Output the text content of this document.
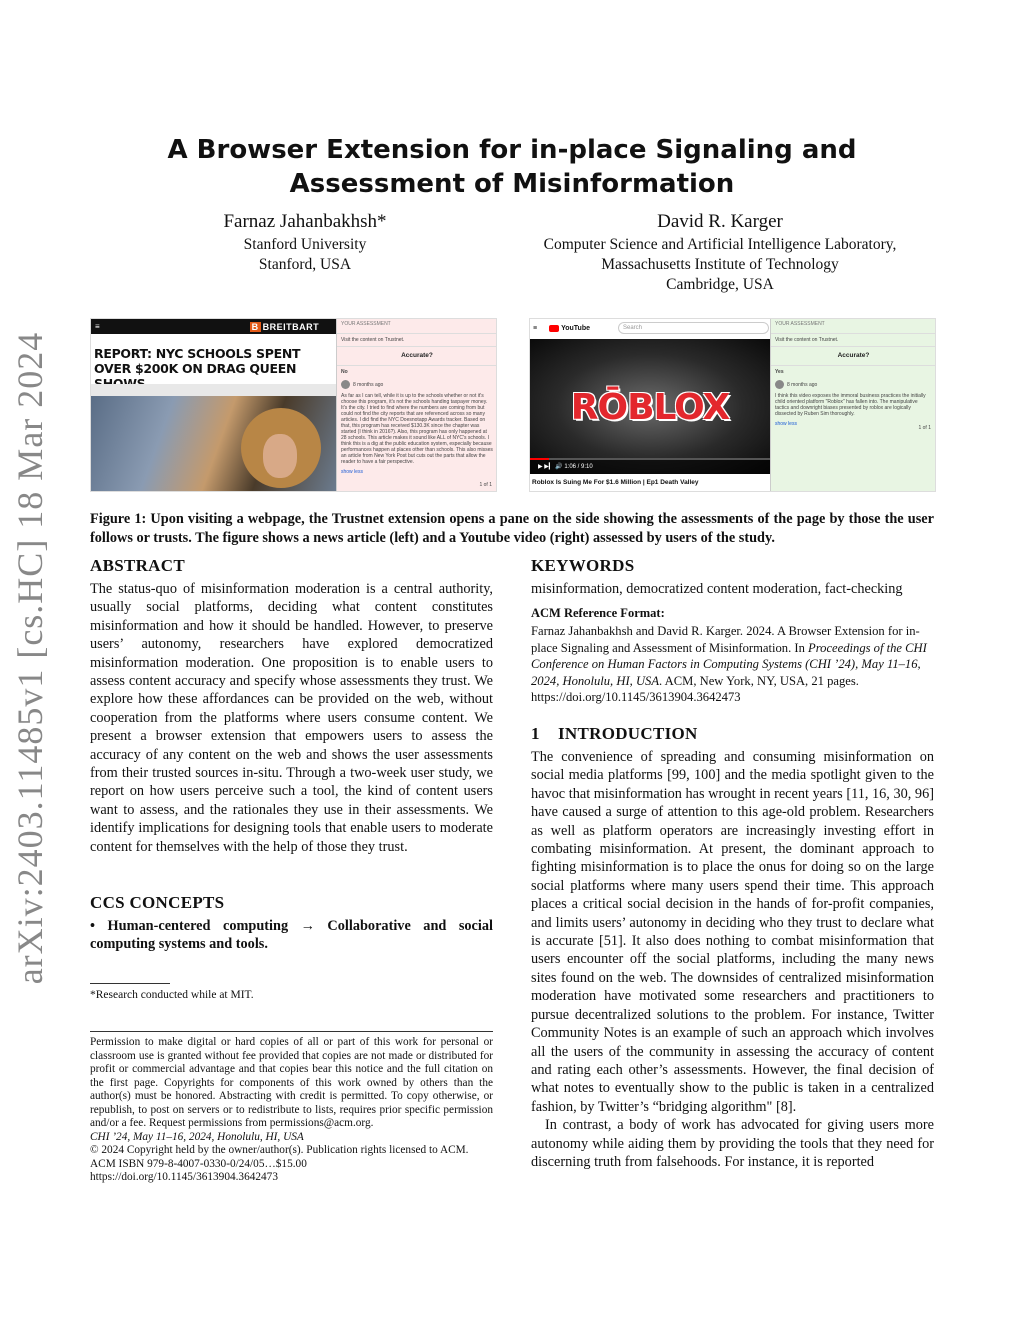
arXiv:2403.11485v1 [cs.HC] 18 Mar 2024
A Browser Extension for in-place Signaling and Assessment of Misinformation
Farnaz Jahanbakhsh*
Stanford University
Stanford, USA
David R. Karger
Computer Science and Artificial Intelligence Laboratory,
Massachusetts Institute of Technology
Cambridge, USA
≡	B BREITBART
REPORT: NYC SCHOOLS SPENT OVER $200K ON DRAG QUEEN
YOUR ASSESSMENT
Visit the content on Trustnet.
Accurate?
No
8 months ago
As far as I can tell, while it is up to the schools whether or not it's choose this program, it's not the schools handing taxpayer money. It's the city. I tried to find where the numbers are coming from but could not find the city reports that are referenced across so many articles. I did find the NYC Doesnotapp Awards tracker. Based on that, this program has received $130.3K since the chapter was started (I think in 2016?). Also, this program has only happened at 28 schools. This article makes it sound like ALL of NYC's schools. I think this is a dig at the public education system, especially because performances happen at places other than schools. This also misses an article from New York Post but cuts out the parts that allow the reader to have a fair perspective.
show less
1 of 1
≡	YouTube	Search
RŌBLOX
▶ ▶▎ 🔊 1:06 / 9:10
Roblox Is Suing Me For $1.6 Million | Ep1 Death Valley
YOUR ASSESSMENT
Visit the content on Trustnet.
Accurate?
Yes
8 months ago
I think this video exposes the immoral business practices the initially child oriented platform "Roblox" has fallen into. The manipulative tactics and downright biases presented by roblox are logically dissected by Ruben Sim thoroughly.
show less
1 of 1
Figure 1: Upon visiting a webpage, the Trustnet extension opens a pane on the side showing the assessments of the page by those the user follows or trusts. The figure shows a news article (left) and a Youtube video (right) assessed by users of the study.
ABSTRACT
The status-quo of misinformation moderation is a central authority, usually social platforms, deciding what content constitutes misinformation and how it should be handled. However, to preserve users’ autonomy, researchers have explored democratized misinformation moderation. One proposition is to enable users to assess content accuracy and specify whose assessments they trust. We explore how these affordances can be provided on the web, without cooperation from the platforms where users consume content. We present a browser extension that empowers users to assess the accuracy of any content on the web and shows the user assessments from their trusted sources in-situ. Through a two-week user study, we report on how users perceive such a tool, the kind of content users want to assess, and the rationales they use in their assessments. We identify implications for designing tools that enable users to moderate content for themselves with the help of those they trust.
CCS CONCEPTS
• Human-centered computing → Collaborative and social computing systems and tools.
*Research conducted while at MIT.
Permission to make digital or hard copies of all or part of this work for personal or classroom use is granted without fee provided that copies are not made or distributed for profit or commercial advantage and that copies bear this notice and the full citation on the first page. Copyrights for components of this work owned by others than the author(s) must be honored. Abstracting with credit is permitted. To copy otherwise, or republish, to post on servers or to redistribute to lists, requires prior specific permission and/or a fee. Request permissions from permissions@acm.org.
CHI ’24, May 11–16, 2024, Honolulu, HI, USA
© 2024 Copyright held by the owner/author(s). Publication rights licensed to ACM.
ACM ISBN 979-8-4007-0330-0/24/05…$15.00
https://doi.org/10.1145/3613904.3642473
KEYWORDS
misinformation, democratized content moderation, fact-checking
ACM Reference Format:
Farnaz Jahanbakhsh and David R. Karger. 2024. A Browser Extension for in-place Signaling and Assessment of Misinformation. In Proceedings of the CHI Conference on Human Factors in Computing Systems (CHI ’24), May 11–16, 2024, Honolulu, HI, USA. ACM, New York, NY, USA, 21 pages. https://doi.org/10.1145/3613904.3642473
1    INTRODUCTION

The convenience of spreading and consuming misinformation on social media platforms [99, 100] and the media spotlight given to the havoc that misinformation has wrought in recent years [11, 16, 30, 96] have caused a surge of attention to this age-old problem. Researchers as well as platform operators are increasingly investing effort in combating misinformation. At present, the dominant approach to fighting misinformation is to place the onus for doing so on the large social platforms where many users spend their time. This approach places a critical social decision in the hands of for-profit companies, and limits users’ autonomy in deciding who they trust to declare what is accurate [51]. It also does nothing to combat misinformation that users encounter off the social platforms, including the many news sites found on the web. The downsides of centralized misinformation moderation have motivated some researchers and practitioners to pursue decentralized solutions to the problem. For instance, Twitter Community Notes is an example of such an approach which involves all the users of the community in assessing the accuracy of content and rating each other’s assessments. However, the final decision of what notes to eventually show to the public is taken in a centralized fashion, by Twitter’s “bridging algorithm" [8].

In contrast, a body of work has advocated for giving users more autonomy while aiding them by providing the tools that they need for discerning truth from falsehoods. For instance, it is reported
